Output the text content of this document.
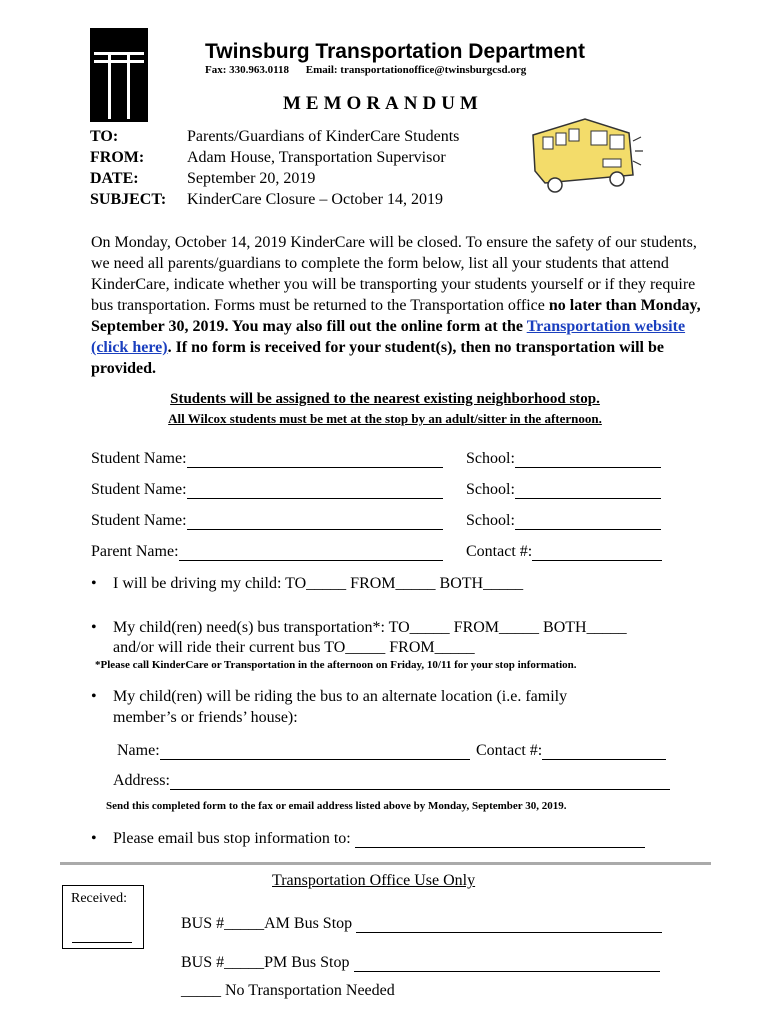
Twinsburg Transportation Department
Fax: 330.963.0118 Email: transportationoffice@twinsburgcsd.org
MEMORANDUM
TO:	Parents/Guardians of KinderCare Students
FROM:	Adam House, Transportation Supervisor
DATE:	September 20, 2019
SUBJECT: KinderCare Closure – October 14, 2019
On Monday, October 14, 2019 KinderCare will be closed. To ensure the safety of our students, we need all parents/guardians to complete the form below, list all your students that attend KinderCare, indicate whether you will be transporting your students yourself or if they require bus transportation. Forms must be returned to the Transportation office no later than Monday, September 30, 2019. You may also fill out the online form at the Transportation website (click here). If no form is received for your student(s), then no transportation will be provided.
Students will be assigned to the nearest existing neighborhood stop.
All Wilcox students must be met at the stop by an adult/sitter in the afternoon.
Student Name:	School:
Student Name:	School:
Student Name:	School:
Parent Name:	Contact #:
• I will be driving my child: TO_____ FROM_____ BOTH_____
• My child(ren) need(s) bus transportation*: TO_____ FROM_____ BOTH_____
and/or will ride their current bus TO_____ FROM_____
*Please call KinderCare or Transportation in the afternoon on Friday, 10/11 for your stop information.
• My child(ren) will be riding the bus to an alternate location (i.e. family
member’s or friends’ house):
Name:	Contact #:
Address:
Send this completed form to the fax or email address listed above by Monday, September 30, 2019.
• Please email bus stop information to:
Transportation Office Use Only
Received:
BUS #_____AM Bus Stop
BUS #_____PM Bus Stop
_____ No Transportation Needed
